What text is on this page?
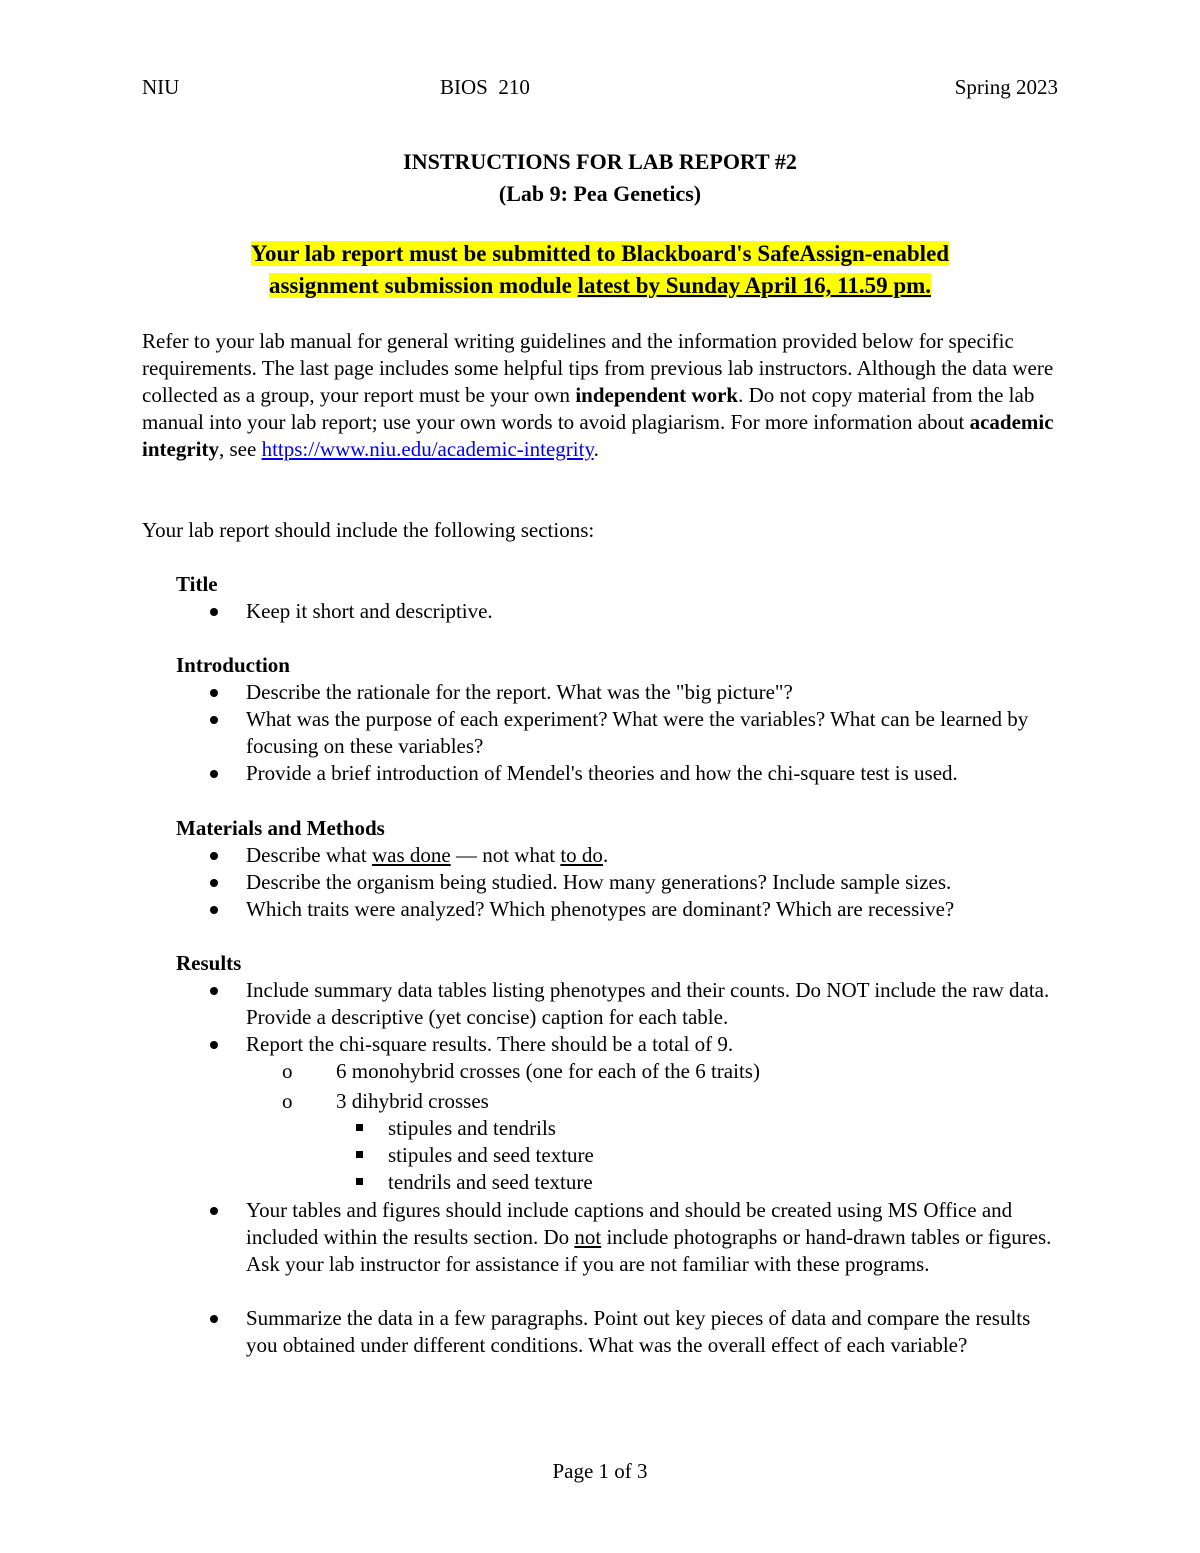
NIU	BIOS  210	Spring 2023
INSTRUCTIONS FOR LAB REPORT #2
(Lab 9: Pea Genetics)
Your lab report must be submitted to Blackboard's SafeAssign-enabled
assignment submission module latest by Sunday April 16, 11.59 pm.

Refer to your lab manual for general writing guidelines and the information provided below for specific requirements. The last page includes some helpful tips from previous lab instructors. Although the data were collected as a group, your report must be your own independent work. Do not copy material from the lab manual into your lab report; use your own words to avoid plagiarism. For more information about academic integrity, see https://www.niu.edu/academic-integrity.

Your lab report should include the following sections:
Title
Keep it short and descriptive.
Introduction
Describe the rationale for the report. What was the "big picture"?
What was the purpose of each experiment? What were the variables? What can be learned by focusing on these variables?
Provide a brief introduction of Mendel's theories and how the chi-square test is used.
Materials and Methods
Describe what was done — not what to do.
Describe the organism being studied. How many generations? Include sample sizes.
Which traits were analyzed? Which phenotypes are dominant? Which are recessive?
Results
Include summary data tables listing phenotypes and their counts. Do NOT include the raw data. Provide a descriptive (yet concise) caption for each table.
Report the chi-square results. There should be a total of 9.
o 6 monohybrid crosses (one for each of the 6 traits)
o 3 dihybrid crosses
stipules and tendrils
stipules and seed texture
tendrils and seed texture
Your tables and figures should include captions and should be created using MS Office and included within the results section. Do not include photographs or hand-drawn tables or figures. Ask your lab instructor for assistance if you are not familiar with these programs.
Summarize the data in a few paragraphs. Point out key pieces of data and compare the results you obtained under different conditions. What was the overall effect of each variable?
Page 1 of 3
